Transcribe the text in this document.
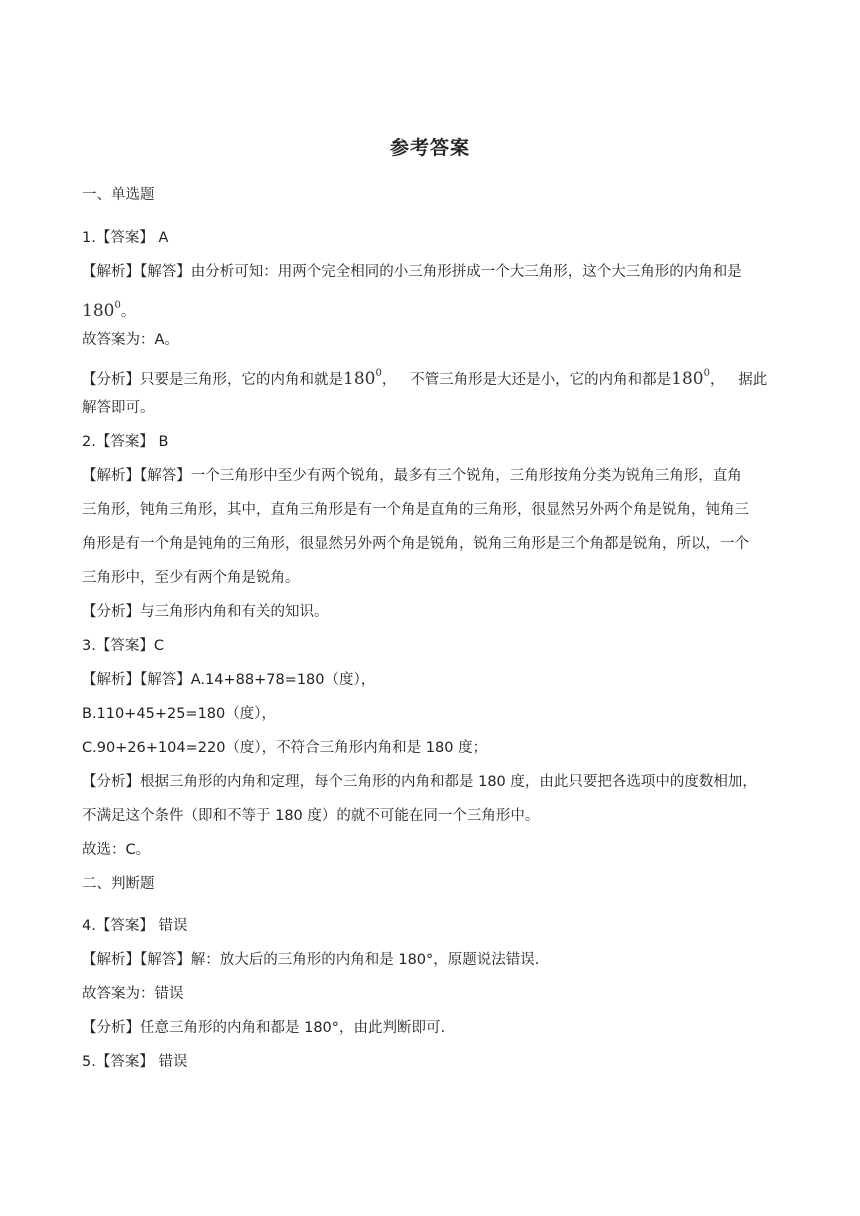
参考答案
一、单选题
1.【答案】 A
【解析】【解答】由分析可知：用两个完全相同的小三角形拼成一个大三角形，这个大三角形的内角和是
$180^0$。
故答案为：A。
【分析】只要是三角形，它的内角和就是$180^0$，   不管三角形是大还是小，它的内角和都是$180^0$，   据此
解答即可。
2.【答案】 B
【解析】【解答】一个三角形中至少有两个锐角，最多有三个锐角，三角形按角分类为锐角三角形，直角
三角形，钝角三角形，其中，直角三角形是有一个角是直角的三角形，很显然另外两个角是锐角，钝角三
角形是有一个角是钝角的三角形，很显然另外两个角是锐角，锐角三角形是三个角都是锐角，所以，一个
三角形中，至少有两个角是锐角。
【分析】与三角形内角和有关的知识。
3.【答案】C
【解析】【解答】A.14+88+78=180（度），
B.110+45+25=180（度），
C.90+26+104=220（度），不符合三角形内角和是 180 度；
【分析】根据三角形的内角和定理，每个三角形的内角和都是 180 度，由此只要把各选项中的度数相加，
不满足这个条件（即和不等于 180 度）的就不可能在同一个三角形中。
故选：C。
二、判断题
4.【答案】 错误
【解析】【解答】解：放大后的三角形的内角和是 180°，原题说法错误.
故答案为：错误
【分析】任意三角形的内角和都是 180°，由此判断即可.
5.【答案】 错误
